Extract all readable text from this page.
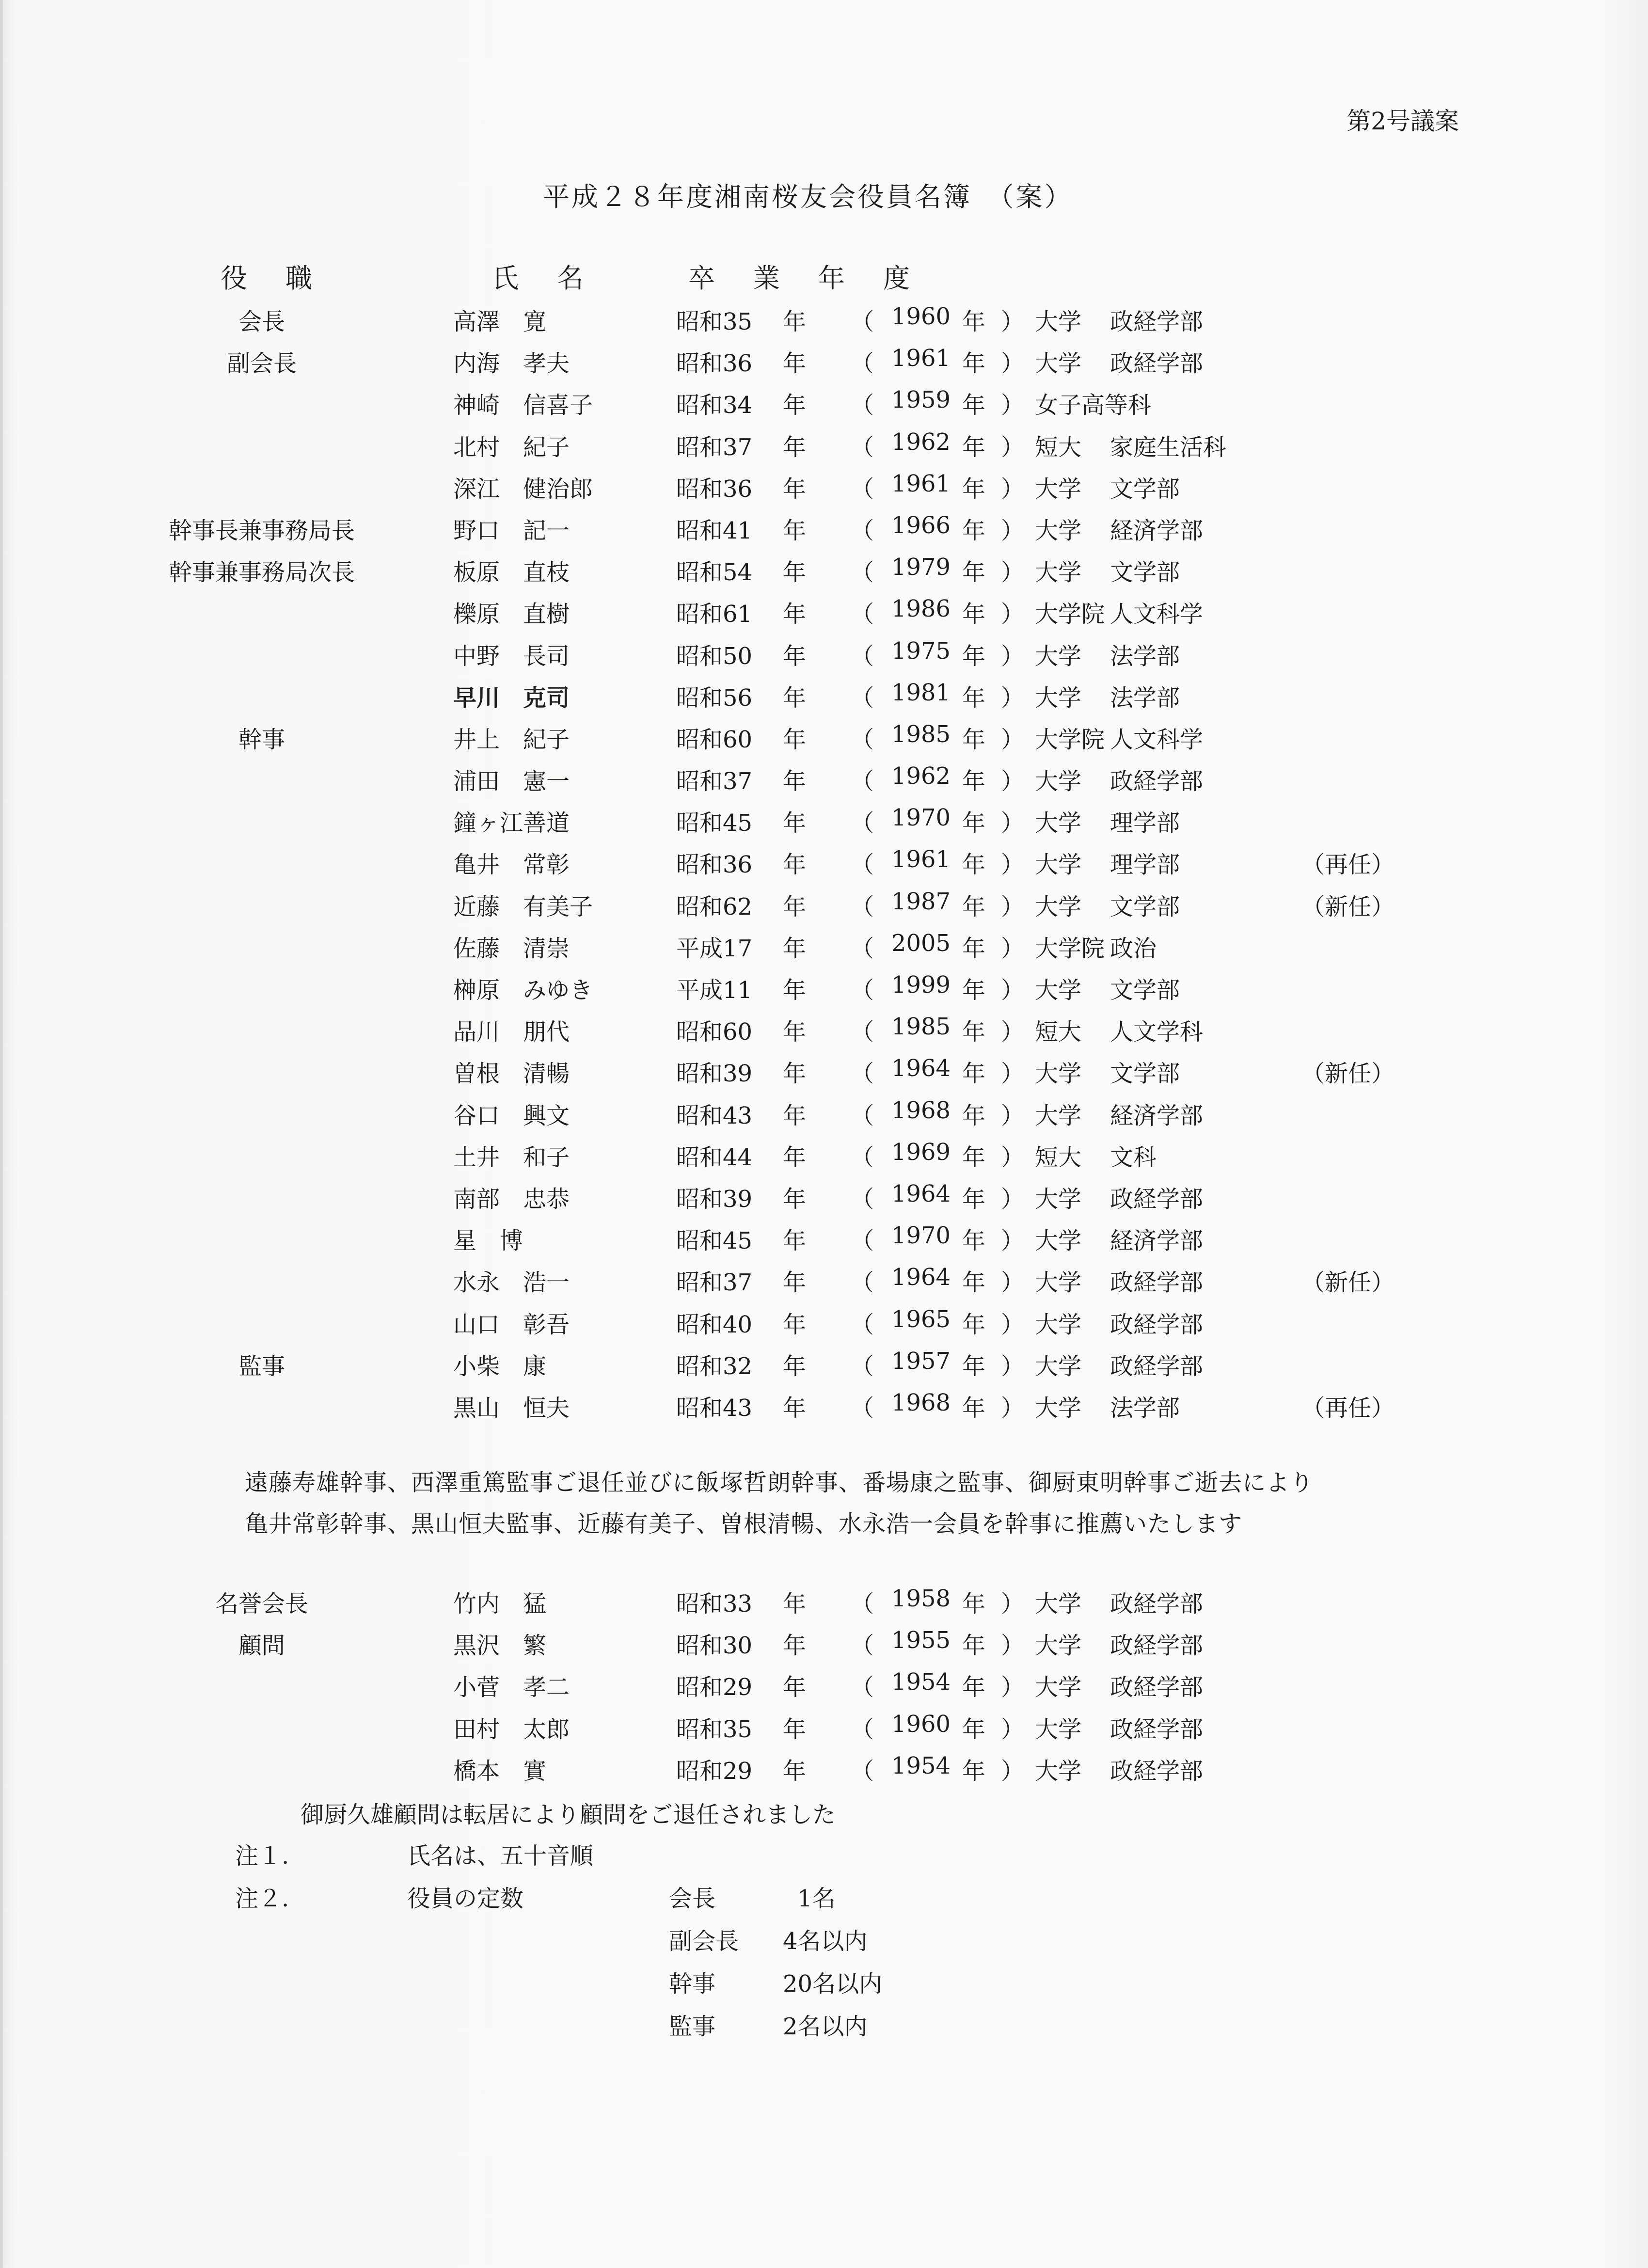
第2号議案
平成２８年度湘南桜友会役員名簿　（案）
役　職	氏　名	卒　業　年　度
会長	高澤　寛	昭和35 年 （ 1960 年 ） 大学 政経学部
副会長	内海　孝夫	昭和36 年 （ 1961 年 ） 大学 政経学部
神崎　信喜子	昭和34 年 （ 1959 年 ） 女子高等科
北村　紀子	昭和37 年 （ 1962 年 ） 短大 家庭生活科
深江　健治郎	昭和36 年 （ 1961 年 ） 大学 文学部
幹事長兼事務局長	野口　記一	昭和41 年 （ 1966 年 ） 大学 経済学部
幹事兼事務局次長	板原　直枝	昭和54 年 （ 1979 年 ） 大学 文学部
櫟原　直樹	昭和61 年 （ 1986 年 ） 大学院 人文科学
中野　長司	昭和50 年 （ 1975 年 ） 大学 法学部
早川　克司	昭和56 年 （ 1981 年 ） 大学 法学部
幹事	井上　紀子	昭和60 年 （ 1985 年 ） 大学院 人文科学
浦田　憲一	昭和37 年 （ 1962 年 ） 大学 政経学部
鐘ヶ江善道	昭和45 年 （ 1970 年 ） 大学 理学部
亀井　常彰	昭和36 年 （ 1961 年 ） 大学 理学部	（再任）
近藤　有美子	昭和62 年 （ 1987 年 ） 大学 文学部	（新任）
佐藤　清崇	平成17 年 （ 2005 年 ） 大学院 政治
榊原　みゆき	平成11 年 （ 1999 年 ） 大学 文学部
品川　朋代	昭和60 年 （ 1985 年 ） 短大 人文学科
曽根　清暢	昭和39 年 （ 1964 年 ） 大学 文学部	（新任）
谷口　興文	昭和43 年 （ 1968 年 ） 大学 経済学部
土井　和子	昭和44 年 （ 1969 年 ） 短大 文科
南部　忠恭	昭和39 年 （ 1964 年 ） 大学 政経学部
星　博	昭和45 年 （ 1970 年 ） 大学 経済学部
水永　浩一	昭和37 年 （ 1964 年 ） 大学 政経学部	（新任）
山口　彰吾	昭和40 年 （ 1965 年 ） 大学 政経学部
監事	小柴　康	昭和32 年 （ 1957 年 ） 大学 政経学部
黒山　恒夫	昭和43 年 （ 1968 年 ） 大学 法学部	（再任）
遠藤寿雄幹事、西澤重篤監事ご退任並びに飯塚哲朗幹事、番場康之監事、御厨東明幹事ご逝去により
亀井常彰幹事、黒山恒夫監事、近藤有美子、曽根清暢、水永浩一会員を幹事に推薦いたします
名誉会長	竹内　猛	昭和33 年 （ 1958 年 ） 大学 政経学部
顧問	黒沢　繁	昭和30 年 （ 1955 年 ） 大学 政経学部
小菅　孝二	昭和29 年 （ 1954 年 ） 大学 政経学部
田村　太郎	昭和35 年 （ 1960 年 ） 大学 政経学部
橋本　實	昭和29 年 （ 1954 年 ） 大学 政経学部
御厨久雄顧問は転居により顧問をご退任されました
注１.	氏名は、五十音順
注２.	役員の定数	会長	1名
副会長 4名以内
幹事	20名以内
監事	2名以内
